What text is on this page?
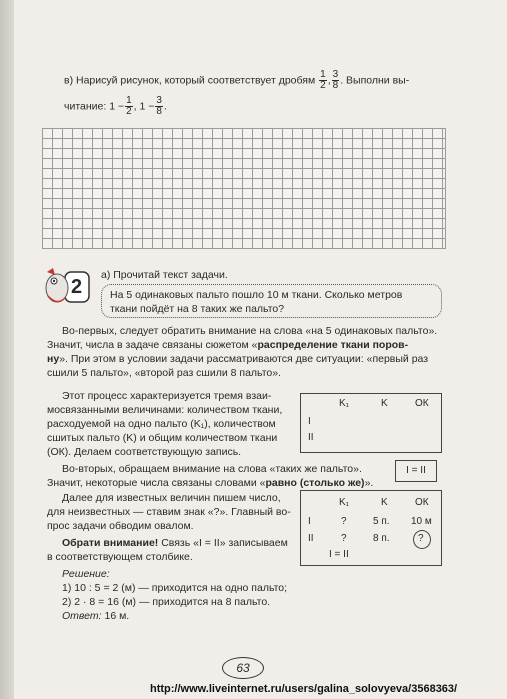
в) Нарисуй рисунок, который соответствует дробям $\frac{1}{2}$ , $\frac{3}{8}$ . Выполни вы-
читание: $1 - \frac{1}{2}$ , $1 - \frac{3}{8}$ .
2
а) Прочитай текст задачи.
На 5 одинаковых пальто пошло 10 м ткани. Сколько метров
ткани пойдёт на 8 таких же пальто?
Во-первых, следует обратить внимание на слова «на 5 одинаковых пальто».
Значит, числа в задаче связаны сюжетом «распределение ткани поров-
ну». При этом в условии задачи рассматриваются две ситуации: «первый раз
сшили 5 пальто», «второй раз сшили 8 пальто».
Этот процесс характеризуется тремя взаи-
мосвязанными величинами: количеством ткани,
расходуемой на одно пальто (K₁), количеством
сшитых пальто (K) и общим количеством ткани
(ОК). Делаем соответствующую запись.
K₁	K	ОК
I
II
Во-вторых, обращаем внимание на слова «таких же пальто».
Значит, некоторые числа связаны словами «равно (столько же)».
I = II
Далее для известных величин пишем число,
для неизвестных — ставим знак «?». Главный во-
прос задачи обводим овалом.
K₁	K	ОК
I	?	5 п. 10 м
II	?	8 п.	?
I = II
Обрати внимание! Связь «I = II» записываем
в соответствующем столбике.
Решение:
1) 10 : 5 = 2 (м) — приходится на одно пальто;
2) 2 · 8 = 16 (м) — приходится на 8 пальто.
Ответ: 16 м.
63
http://www.liveinternet.ru/users/galina_solovyeva/3568363/
